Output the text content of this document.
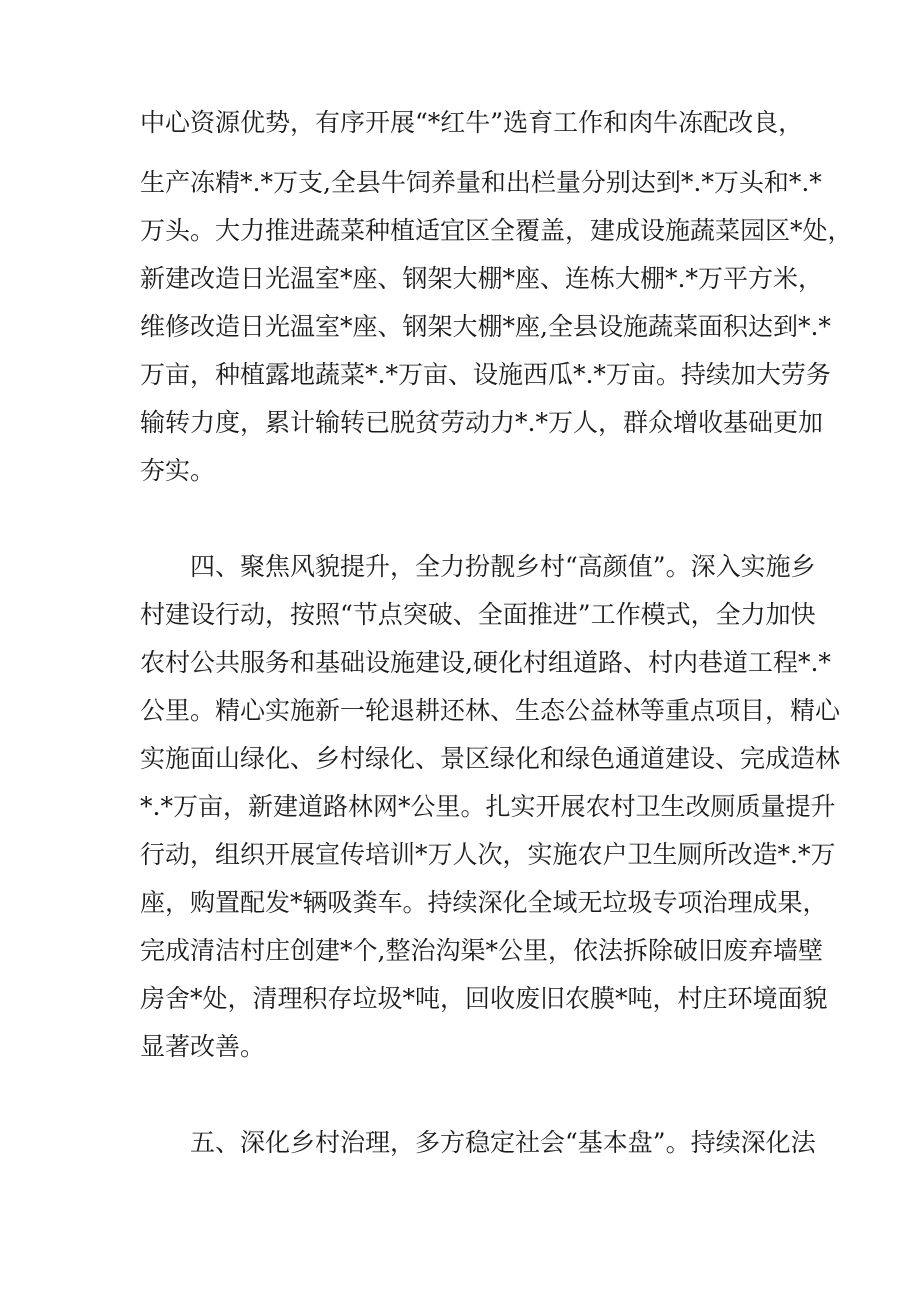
中心资源优势，有序开展“*红牛”选育工作和肉牛冻配改良，
生产冻精*.*万支,全县牛饲养量和出栏量分别达到*.*万头和*.*
万头。大力推进蔬菜种植适宜区全覆盖，建成设施蔬菜园区*处，
新建改造日光温室*座、钢架大棚*座、连栋大棚*.*万平方米，
维修改造日光温室*座、钢架大棚*座,全县设施蔬菜面积达到*.*
万亩，种植露地蔬菜*.*万亩、设施西瓜*.*万亩。持续加大劳务
输转力度，累计输转已脱贫劳动力*.*万人，群众增收基础更加
夯实。
四、聚焦风貌提升，全力扮靓乡村“高颜值”。深入实施乡
村建设行动，按照“节点突破、全面推进”工作模式，全力加快
农村公共服务和基础设施建设,硬化村组道路、村内巷道工程*.*
公里。精心实施新一轮退耕还林、生态公益林等重点项目，精心
实施面山绿化、乡村绿化、景区绿化和绿色通道建设、完成造林
*.*万亩，新建道路林网*公里。扎实开展农村卫生改厕质量提升
行动，组织开展宣传培训*万人次，实施农户卫生厕所改造*.*万
座，购置配发*辆吸粪车。持续深化全域无垃圾专项治理成果，
完成清洁村庄创建*个,整治沟渠*公里，依法拆除破旧废弃墙壁
房舍*处，清理积存垃圾*吨，回收废旧农膜*吨，村庄环境面貌
显著改善。
五、深化乡村治理，多方稳定社会“基本盘”。持续深化法
